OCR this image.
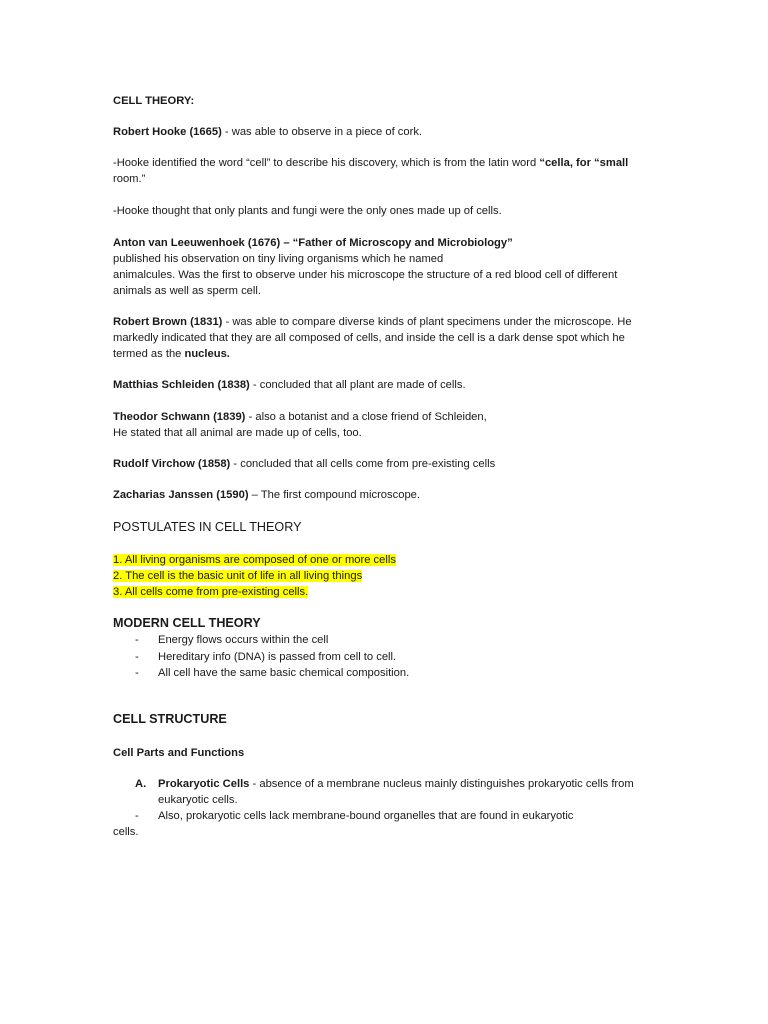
CELL THEORY:

Robert Hooke (1665) - was able to observe in a piece of cork.

-Hooke identified the word “cell” to describe his discovery, which is from the latin word “cella, for “small

room.”

-Hooke thought that only plants and fungi were the only ones made up of cells.

Anton van Leeuwenhoek (1676) – “Father of Microscopy and Microbiology”

published his observation on tiny living organisms which he named

animalcules. Was the first to observe under his microscope the structure of a red blood cell of different

animals as well as sperm cell.

Robert Brown (1831) - was able to compare diverse kinds of plant specimens under the microscope. He

markedly indicated that they are all composed of cells, and inside the cell is a dark dense spot which he

termed as the nucleus.

Matthias Schleiden (1838) - concluded that all plant are made of cells.

Theodor Schwann (1839) - also a botanist and a close friend of Schleiden,

He stated that all animal are made up of cells, too.

Rudolf Virchow (1858) - concluded that all cells come from pre-existing cells

Zacharias Janssen (1590) – The first compound microscope.

POSTULATES IN CELL THEORY

1. All living organisms are composed of one or more cells

2. The cell is the basic unit of life in all living things

3. All cells come from pre-existing cells.

MODERN CELL THEORY

- Energy flows occurs within the cell
- Hereditary info (DNA) is passed from cell to cell.
- All cell have the same basic chemical composition.

CELL STRUCTURE

Cell Parts and Functions

A. Prokaryotic Cells - absence of a membrane nucleus mainly distinguishes prokaryotic cells from

eukaryotic cells.

- Also, prokaryotic cells lack membrane-bound organelles that are found in eukaryotic
cells.
